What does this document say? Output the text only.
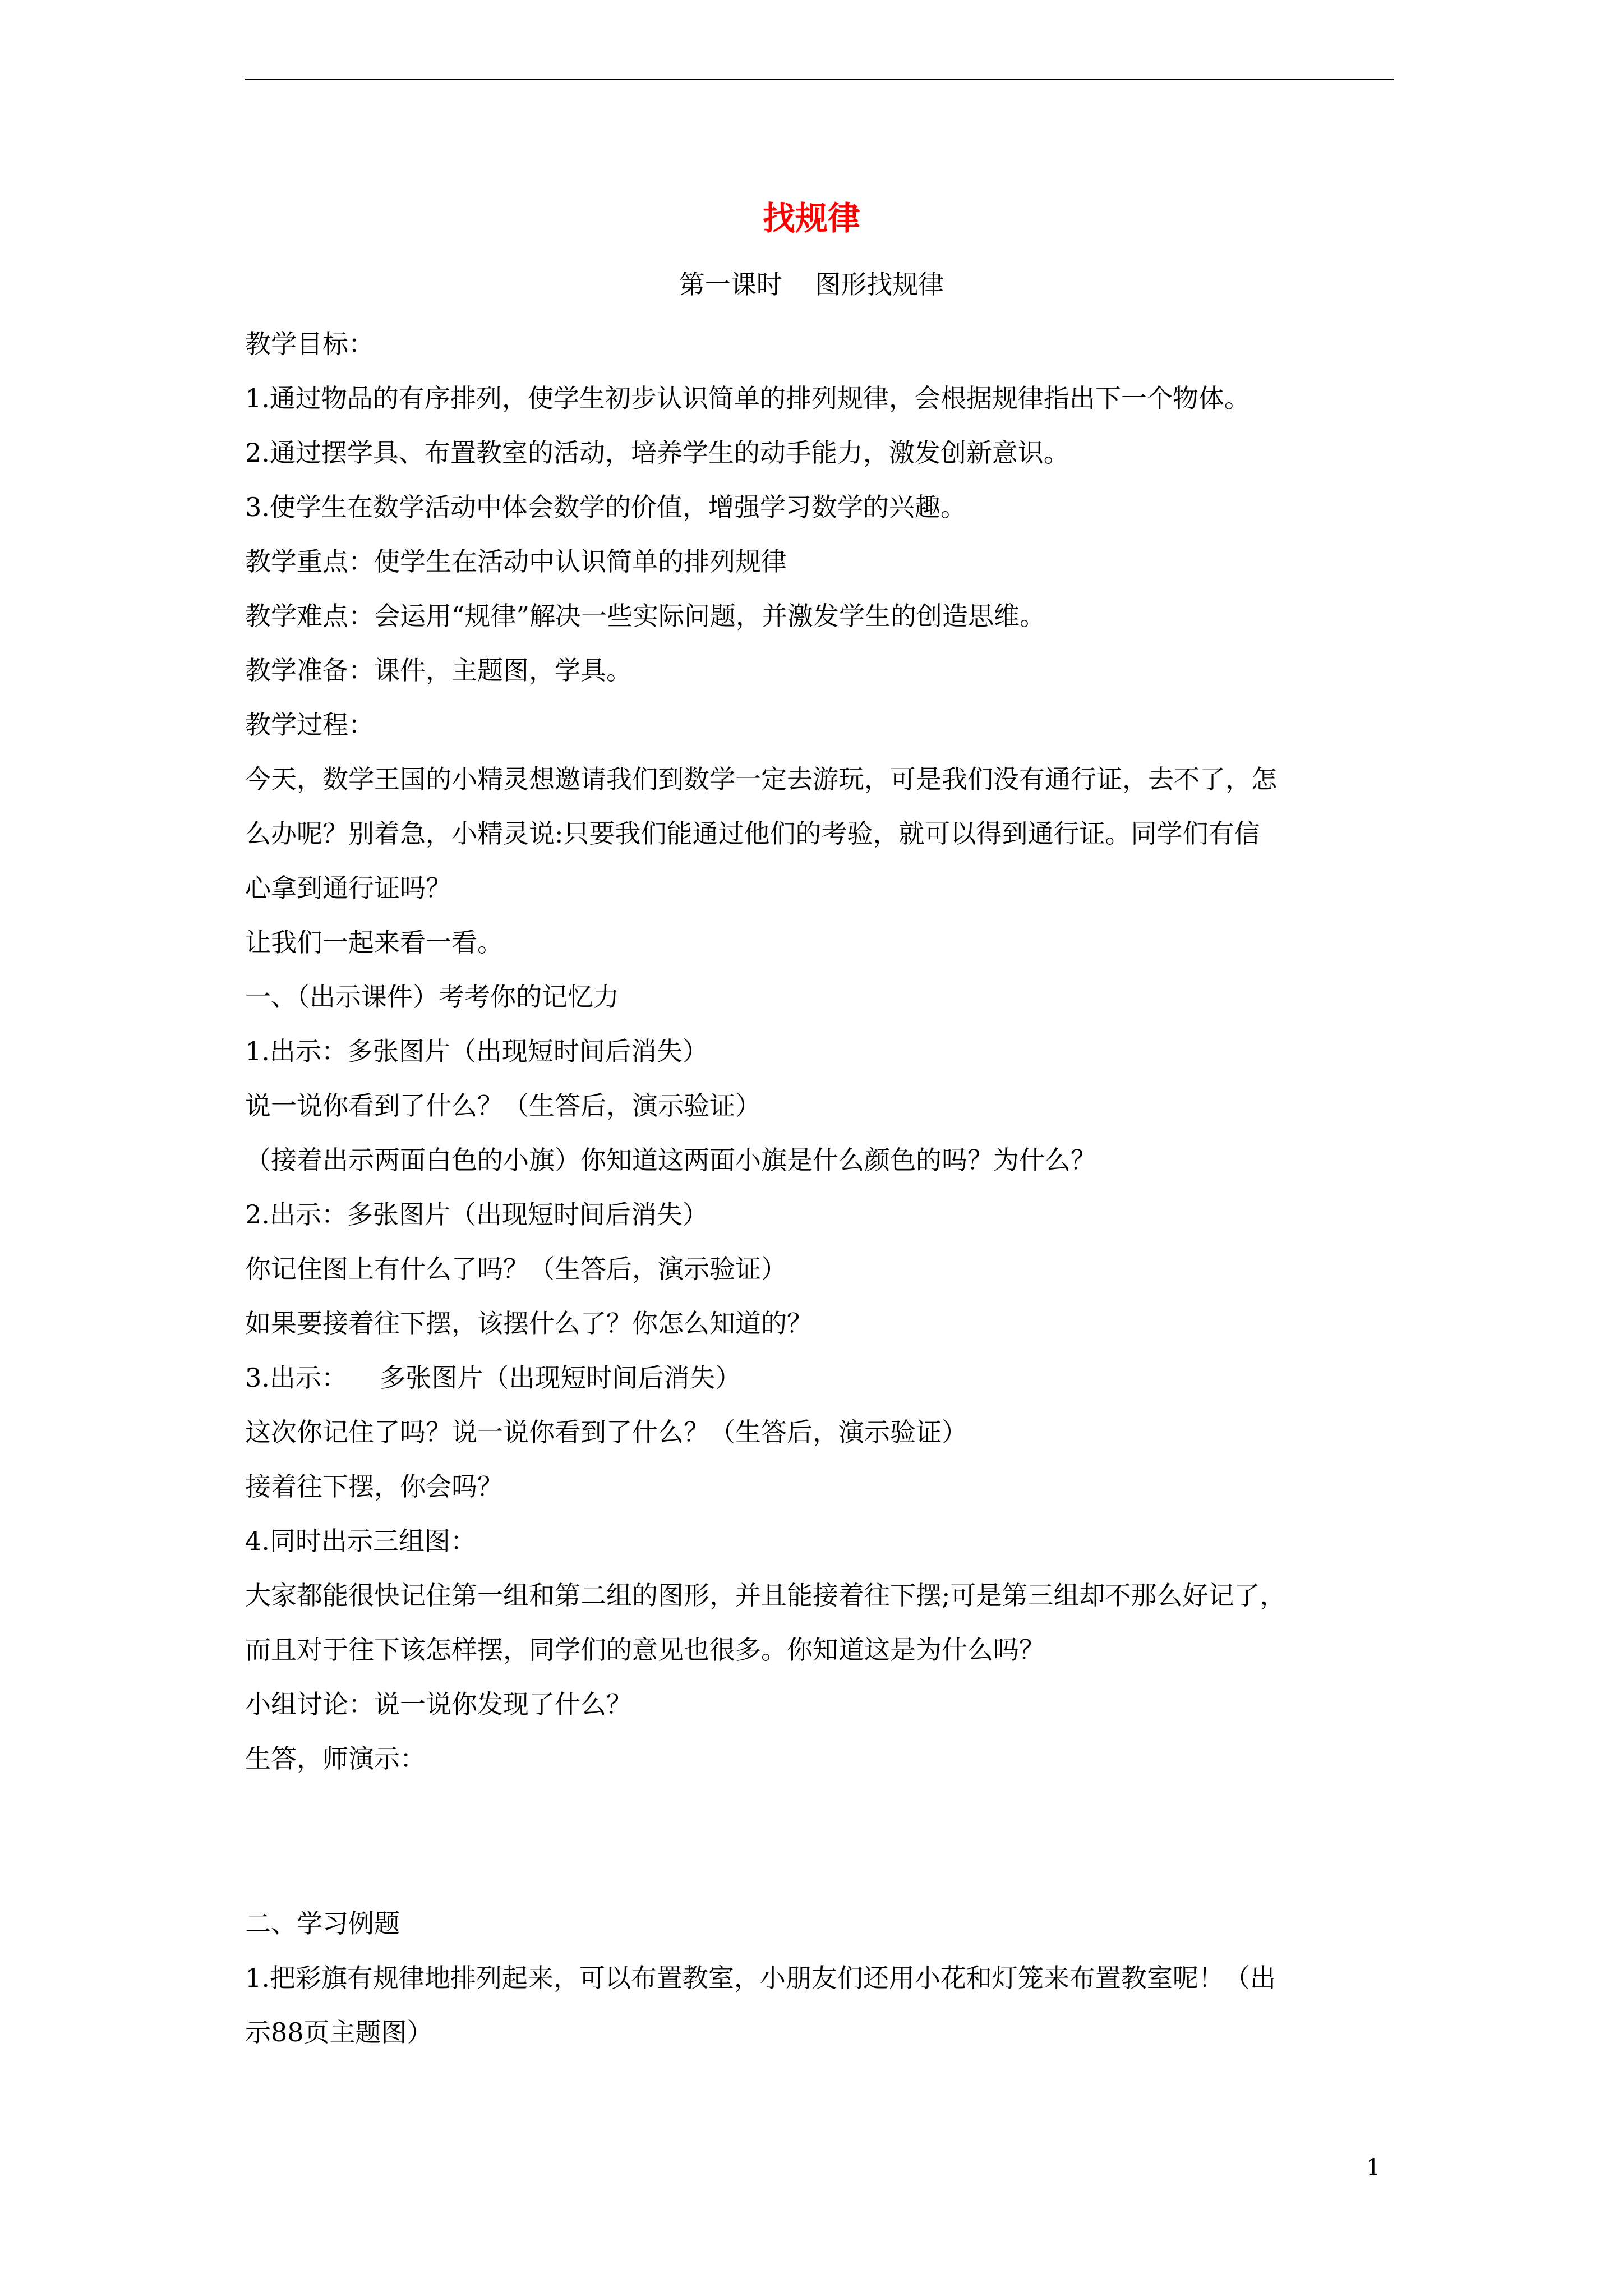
找规律
第一课时    图形找规律
教学目标：
1.通过物品的有序排列，使学生初步认识简单的排列规律，会根据规律指出下一个物体。
2.通过摆学具、布置教室的活动，培养学生的动手能力，激发创新意识。
3.使学生在数学活动中体会数学的价值，增强学习数学的兴趣。
教学重点：使学生在活动中认识简单的排列规律
教学难点：会运用“规律”解决一些实际问题，并激发学生的创造思维。
教学准备：课件，主题图，学具。
教学过程：
今天，数学王国的小精灵想邀请我们到数学一定去游玩，可是我们没有通行证，去不了，怎
么办呢？别着急，小精灵说:只要我们能通过他们的考验，就可以得到通行证。同学们有信
心拿到通行证吗？
让我们一起来看一看。
一、（出示课件）考考你的记忆力
1.出示：多张图片（出现短时间后消失）
说一说你看到了什么？（生答后，演示验证）
（接着出示两面白色的小旗）你知道这两面小旗是什么颜色的吗？为什么？
2.出示：多张图片（出现短时间后消失）
你记住图上有什么了吗？（生答后，演示验证）
如果要接着往下摆，该摆什么了？你怎么知道的？
3.出示：    多张图片（出现短时间后消失）
这次你记住了吗？说一说你看到了什么？（生答后，演示验证）
接着往下摆，你会吗？
4.同时出示三组图：
大家都能很快记住第一组和第二组的图形，并且能接着往下摆;可是第三组却不那么好记了，
而且对于往下该怎样摆，同学们的意见也很多。你知道这是为什么吗？
小组讨论：说一说你发现了什么？
生答，师演示：
二、学习例题
1.把彩旗有规律地排列起来，可以布置教室，小朋友们还用小花和灯笼来布置教室呢！（出
示88页主题图）
1
